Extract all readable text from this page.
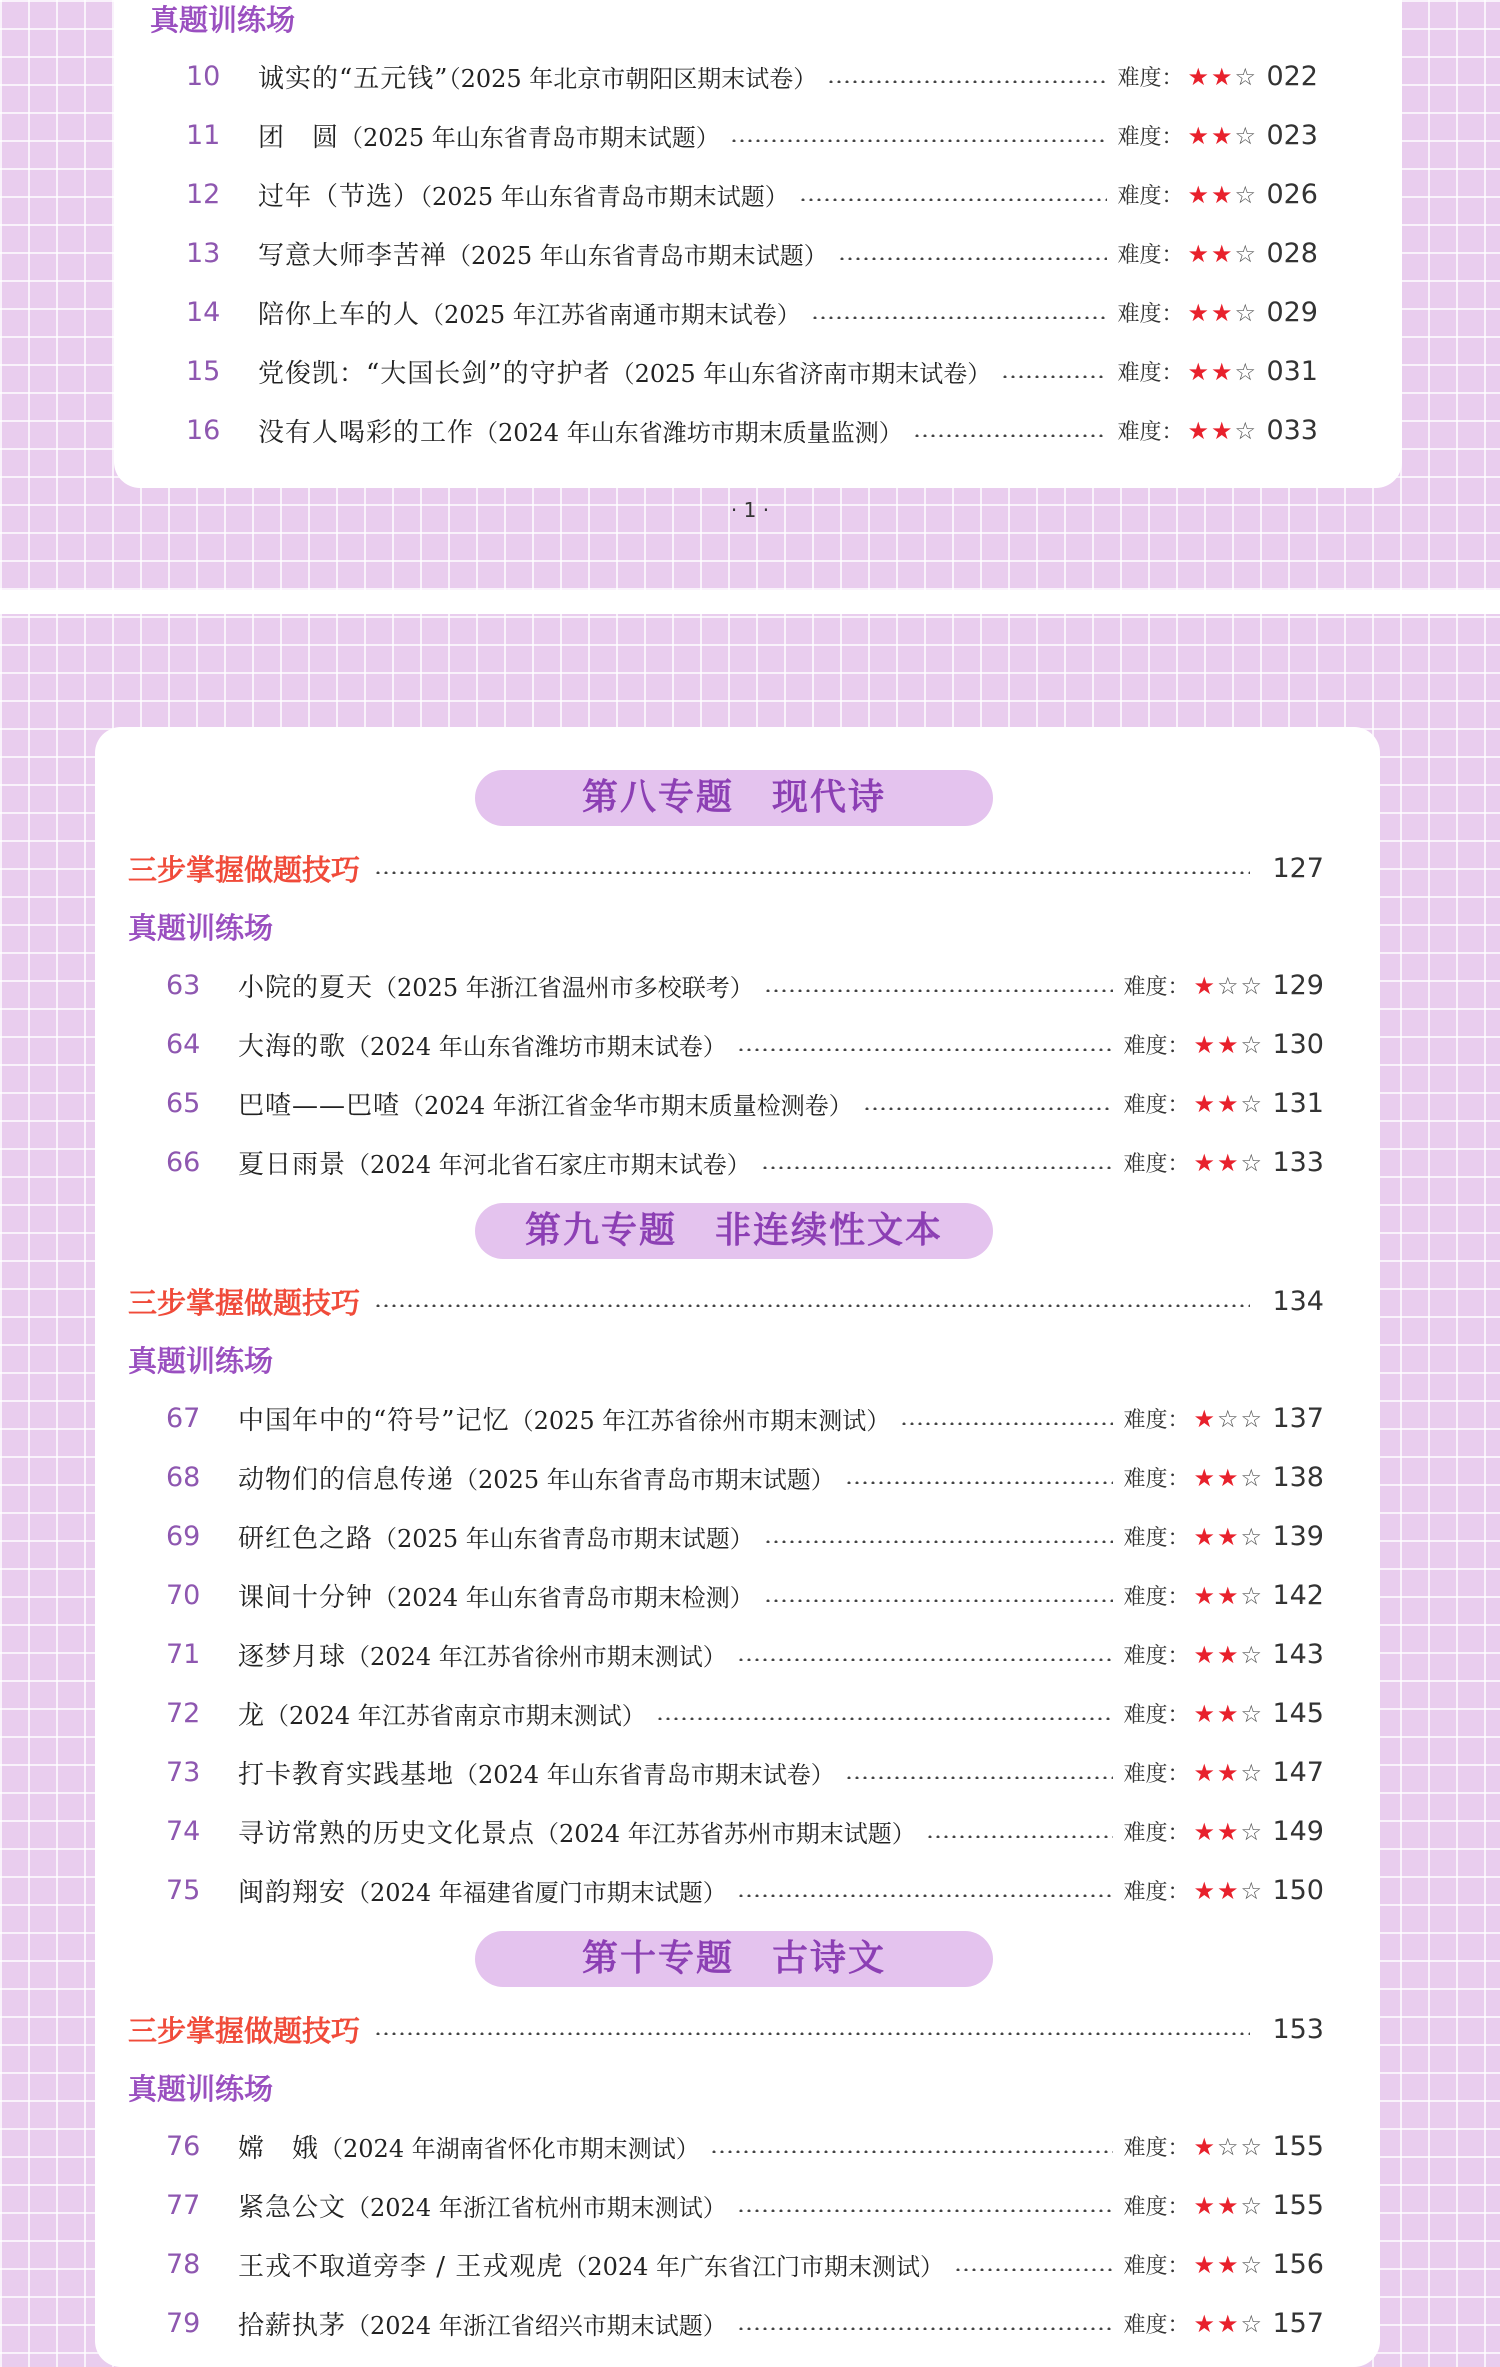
真题训练场
10	诚实的“五元钱”（2025 年北京市朝阳区期末试卷）	难度： ★★☆ 022
11	团　圆（2025 年山东省青岛市期末试题）	难度： ★★☆ 023
12	过年（节选）（2025 年山东省青岛市期末试题）	难度： ★★☆ 026
13	写意大师李苦禅（2025 年山东省青岛市期末试题）	难度： ★★☆ 028
14	陪你上车的人（2025 年江苏省南通市期末试卷）	难度： ★★☆ 029
15	党俊凯：“大国长剑”的守护者（2025 年山东省济南市期末试卷）	难度： ★★☆ 031
16	没有人喝彩的工作（2024 年山东省潍坊市期末质量监测）	难度： ★★☆ 033
· 1 ·
第八专题　现代诗
三步掌握做题技巧	127
真题训练场
63	小院的夏天（2025 年浙江省温州市多校联考）	难度： ★☆☆ 129
64	大海的歌（2024 年山东省潍坊市期末试卷）	难度： ★★☆ 130
65	巴喳——巴喳（2024 年浙江省金华市期末质量检测卷）	难度： ★★☆ 131
66	夏日雨景（2024 年河北省石家庄市期末试卷）	难度： ★★☆ 133
第九专题　非连续性文本
三步掌握做题技巧	134
真题训练场
67	中国年中的“符号”记忆（2025 年江苏省徐州市期末测试）	难度： ★☆☆ 137
68	动物们的信息传递（2025 年山东省青岛市期末试题）	难度： ★★☆ 138
69	研红色之路（2025 年山东省青岛市期末试题）	难度： ★★☆ 139
70	课间十分钟（2024 年山东省青岛市期末检测）	难度： ★★☆ 142
71	逐梦月球（2024 年江苏省徐州市期末测试）	难度： ★★☆ 143
72	龙（2024 年江苏省南京市期末测试）	难度： ★★☆ 145
73	打卡教育实践基地（2024 年山东省青岛市期末试卷）	难度： ★★☆ 147
74	寻访常熟的历史文化景点（2024 年江苏省苏州市期末试题）	难度： ★★☆ 149
75	闽韵翔安（2024 年福建省厦门市期末试题）	难度： ★★☆ 150
第十专题　古诗文
三步掌握做题技巧	153
真题训练场
76	嫦　娥（2024 年湖南省怀化市期末测试）	难度： ★☆☆ 155
77	紧急公文（2024 年浙江省杭州市期末测试）	难度： ★★☆ 155
78	王戎不取道旁李 / 王戎观虎（2024 年广东省江门市期末测试）	难度： ★★☆ 156
79	拾薪执茅（2024 年浙江省绍兴市期末试题）	难度： ★★☆ 157
